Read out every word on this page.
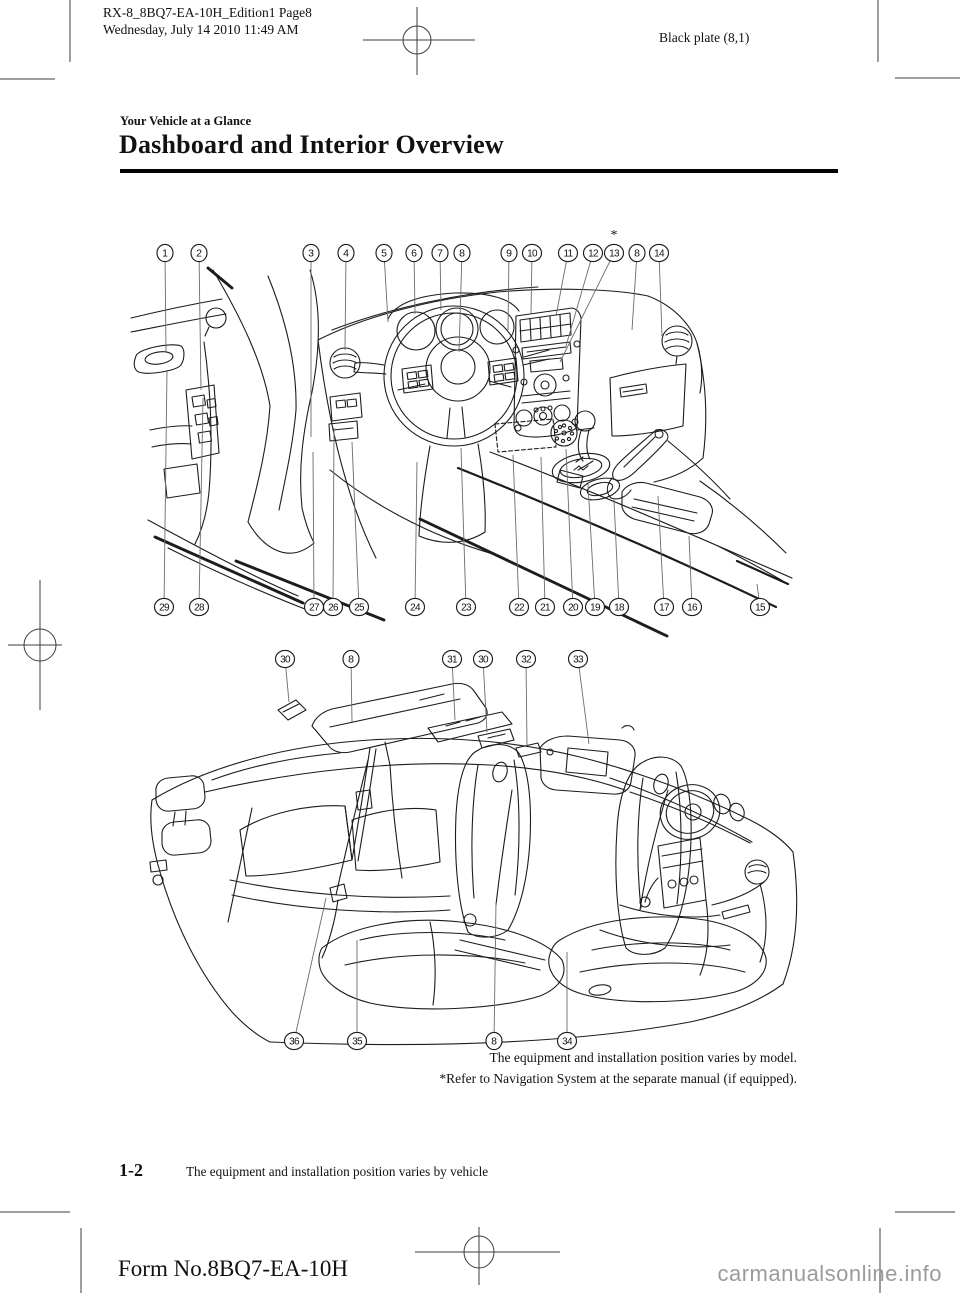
1	2	3	4	5 6 7 8	9 10	11 12 13
*
8 14
29	28	27 26 25	24	23	22 21 20 19 18	17 16	15
30	8	31 30	32	33
36	35	8	34
RX-8_8BQ7-EA-10H_Edition1 Page8
Wednesday, July 14 2010 11:49 AM
Black plate (8,1)
Your Vehicle at a Glance
Dashboard and Interior Overview
The equipment and installation position varies by model.
*Refer to Navigation System at the separate manual (if equipped).
1-2	The equipment and installation position varies by vehicle
Form No.8BQ7-EA-10H	carmanualsonline.info
